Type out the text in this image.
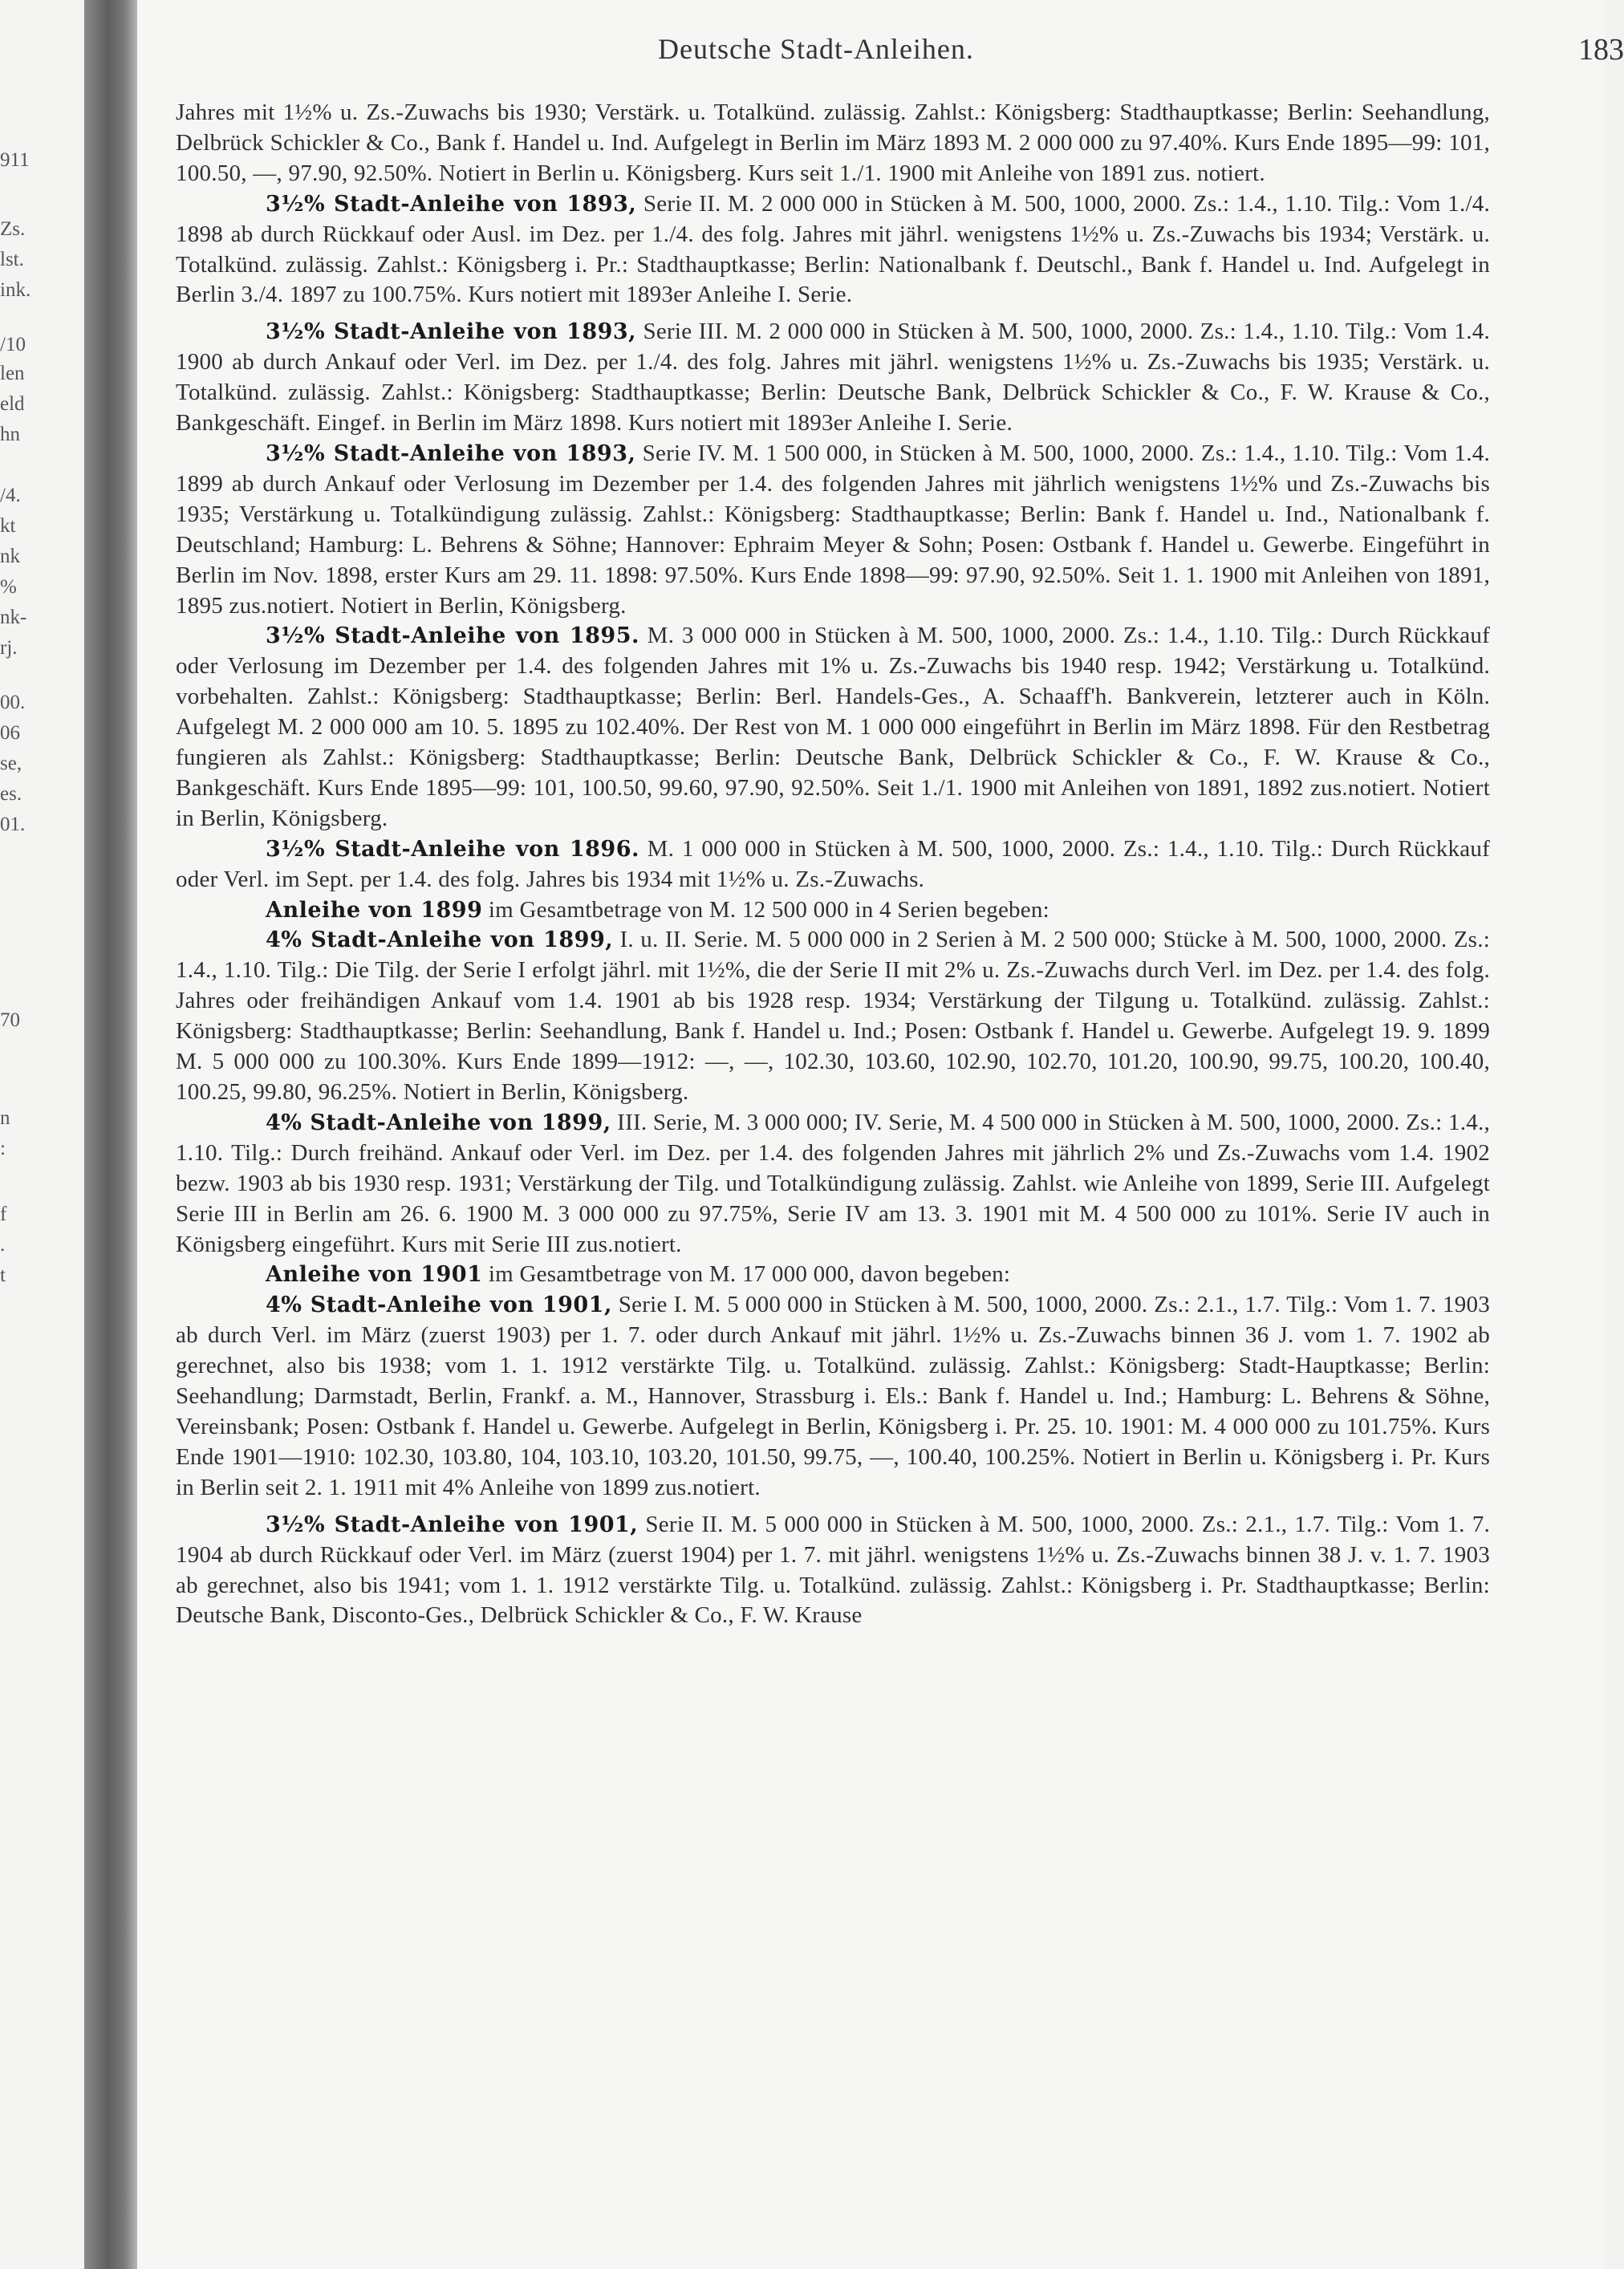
911
Zs.
lst.
ink.
/10
len
eld
hn
/4.
kt
nk
%
nk-
rj.
00.
06
se,
es.
01.
70
n
:
f
.
t
Deutsche Stadt-Anleihen.	183

Jahres mit 1½% u. Zs.-Zuwachs bis 1930; Verstärk. u. Totalkünd. zulässig. Zahlst.: Königsberg: Stadthauptkasse; Berlin: Seehandlung, Delbrück Schickler & Co., Bank f. Handel u. Ind. Aufgelegt in Berlin im März 1893 M. 2 000 000 zu 97.40%. Kurs Ende 1895—99: 101, 100.50, —, 97.90, 92.50%. Notiert in Berlin u. Königsberg. Kurs seit 1./1. 1900 mit Anleihe von 1891 zus. notiert.

3½% Stadt-Anleihe von 1893, Serie II. M. 2 000 000 in Stücken à M. 500, 1000, 2000. Zs.: 1.4., 1.10. Tilg.: Vom 1./4. 1898 ab durch Rückkauf oder Ausl. im Dez. per 1./4. des folg. Jahres mit jährl. wenigstens 1½% u. Zs.-Zuwachs bis 1934; Verstärk. u. Totalkünd. zulässig. Zahlst.: Königsberg i. Pr.: Stadthauptkasse; Berlin: Nationalbank f. Deutschl., Bank f. Handel u. Ind. Aufgelegt in Berlin 3./4. 1897 zu 100.75%. Kurs notiert mit 1893er Anleihe I. Serie.

3½% Stadt-Anleihe von 1893, Serie III. M. 2 000 000 in Stücken à M. 500, 1000, 2000. Zs.: 1.4., 1.10. Tilg.: Vom 1.4. 1900 ab durch Ankauf oder Verl. im Dez. per 1./4. des folg. Jahres mit jährl. wenigstens 1½% u. Zs.-Zuwachs bis 1935; Verstärk. u. Totalkünd. zulässig. Zahlst.: Königsberg: Stadthauptkasse; Berlin: Deutsche Bank, Delbrück Schickler & Co., F. W. Krause & Co., Bankgeschäft. Eingef. in Berlin im März 1898. Kurs notiert mit 1893er Anleihe I. Serie.

3½% Stadt-Anleihe von 1893, Serie IV. M. 1 500 000, in Stücken à M. 500, 1000, 2000. Zs.: 1.4., 1.10. Tilg.: Vom 1.4. 1899 ab durch Ankauf oder Verlosung im Dezember per 1.4. des folgenden Jahres mit jährlich wenigstens 1½% und Zs.-Zuwachs bis 1935; Verstärkung u. Totalkündigung zulässig. Zahlst.: Königsberg: Stadthauptkasse; Berlin: Bank f. Handel u. Ind., Nationalbank f. Deutschland; Hamburg: L. Behrens & Söhne; Hannover: Ephraim Meyer & Sohn; Posen: Ostbank f. Handel u. Gewerbe. Eingeführt in Berlin im Nov. 1898, erster Kurs am 29. 11. 1898: 97.50%. Kurs Ende 1898—99: 97.90, 92.50%. Seit 1. 1. 1900 mit Anleihen von 1891, 1895 zus.notiert. Notiert in Berlin, Königsberg.

3½% Stadt-Anleihe von 1895. M. 3 000 000 in Stücken à M. 500, 1000, 2000. Zs.: 1.4., 1.10. Tilg.: Durch Rückkauf oder Verlosung im Dezember per 1.4. des folgenden Jahres mit 1% u. Zs.-Zuwachs bis 1940 resp. 1942; Verstärkung u. Totalkünd. vorbehalten. Zahlst.: Königsberg: Stadthauptkasse; Berlin: Berl. Handels-Ges., A. Schaaff'h. Bankverein, letzterer auch in Köln. Aufgelegt M. 2 000 000 am 10. 5. 1895 zu 102.40%. Der Rest von M. 1 000 000 eingeführt in Berlin im März 1898. Für den Restbetrag fungieren als Zahlst.: Königsberg: Stadthauptkasse; Berlin: Deutsche Bank, Delbrück Schickler & Co., F. W. Krause & Co., Bankgeschäft. Kurs Ende 1895—99: 101, 100.50, 99.60, 97.90, 92.50%. Seit 1./1. 1900 mit Anleihen von 1891, 1892 zus.notiert. Notiert in Berlin, Königsberg.

3½% Stadt-Anleihe von 1896. M. 1 000 000 in Stücken à M. 500, 1000, 2000. Zs.: 1.4., 1.10. Tilg.: Durch Rückkauf oder Verl. im Sept. per 1.4. des folg. Jahres bis 1934 mit 1½% u. Zs.-Zuwachs.

Anleihe von 1899 im Gesamtbetrage von M. 12 500 000 in 4 Serien begeben:

4% Stadt-Anleihe von 1899, I. u. II. Serie. M. 5 000 000 in 2 Serien à M. 2 500 000; Stücke à M. 500, 1000, 2000. Zs.: 1.4., 1.10. Tilg.: Die Tilg. der Serie I erfolgt jährl. mit 1½%, die der Serie II mit 2% u. Zs.-Zuwachs durch Verl. im Dez. per 1.4. des folg. Jahres oder freihändigen Ankauf vom 1.4. 1901 ab bis 1928 resp. 1934; Verstärkung der Tilgung u. Totalkünd. zulässig. Zahlst.: Königsberg: Stadthauptkasse; Berlin: Seehandlung, Bank f. Handel u. Ind.; Posen: Ostbank f. Handel u. Gewerbe. Aufgelegt 19. 9. 1899 M. 5 000 000 zu 100.30%. Kurs Ende 1899—1912: —, —, 102.30, 103.60, 102.90, 102.70, 101.20, 100.90, 99.75, 100.20, 100.40, 100.25, 99.80, 96.25%. Notiert in Berlin, Königsberg.

4% Stadt-Anleihe von 1899, III. Serie, M. 3 000 000; IV. Serie, M. 4 500 000 in Stücken à M. 500, 1000, 2000. Zs.: 1.4., 1.10. Tilg.: Durch freihänd. Ankauf oder Verl. im Dez. per 1.4. des folgenden Jahres mit jährlich 2% und Zs.-Zuwachs vom 1.4. 1902 bezw. 1903 ab bis 1930 resp. 1931; Verstärkung der Tilg. und Totalkündigung zulässig. Zahlst. wie Anleihe von 1899, Serie III. Aufgelegt Serie III in Berlin am 26. 6. 1900 M. 3 000 000 zu 97.75%, Serie IV am 13. 3. 1901 mit M. 4 500 000 zu 101%. Serie IV auch in Königsberg eingeführt. Kurs mit Serie III zus.notiert.

Anleihe von 1901 im Gesamtbetrage von M. 17 000 000, davon begeben:

4% Stadt-Anleihe von 1901, Serie I. M. 5 000 000 in Stücken à M. 500, 1000, 2000. Zs.: 2.1., 1.7. Tilg.: Vom 1. 7. 1903 ab durch Verl. im März (zuerst 1903) per 1. 7. oder durch Ankauf mit jährl. 1½% u. Zs.-Zuwachs binnen 36 J. vom 1. 7. 1902 ab gerechnet, also bis 1938; vom 1. 1. 1912 verstärkte Tilg. u. Totalkünd. zulässig. Zahlst.: Königsberg: Stadt-Hauptkasse; Berlin: Seehandlung; Darmstadt, Berlin, Frankf. a. M., Hannover, Strassburg i. Els.: Bank f. Handel u. Ind.; Hamburg: L. Behrens & Söhne, Vereinsbank; Posen: Ostbank f. Handel u. Gewerbe. Aufgelegt in Berlin, Königsberg i. Pr. 25. 10. 1901: M. 4 000 000 zu 101.75%. Kurs Ende 1901—1910: 102.30, 103.80, 104, 103.10, 103.20, 101.50, 99.75, —, 100.40, 100.25%. Notiert in Berlin u. Königsberg i. Pr. Kurs in Berlin seit 2. 1. 1911 mit 4% Anleihe von 1899 zus.notiert.

3½% Stadt-Anleihe von 1901, Serie II. M. 5 000 000 in Stücken à M. 500, 1000, 2000. Zs.: 2.1., 1.7. Tilg.: Vom 1. 7. 1904 ab durch Rückkauf oder Verl. im März (zuerst 1904) per 1. 7. mit jährl. wenigstens 1½% u. Zs.-Zuwachs binnen 38 J. v. 1. 7. 1903 ab gerechnet, also bis 1941; vom 1. 1. 1912 verstärkte Tilg. u. Totalkünd. zulässig. Zahlst.: Königsberg i. Pr. Stadthauptkasse; Berlin: Deutsche Bank, Disconto-Ges., Delbrück Schickler & Co., F. W. Krause
